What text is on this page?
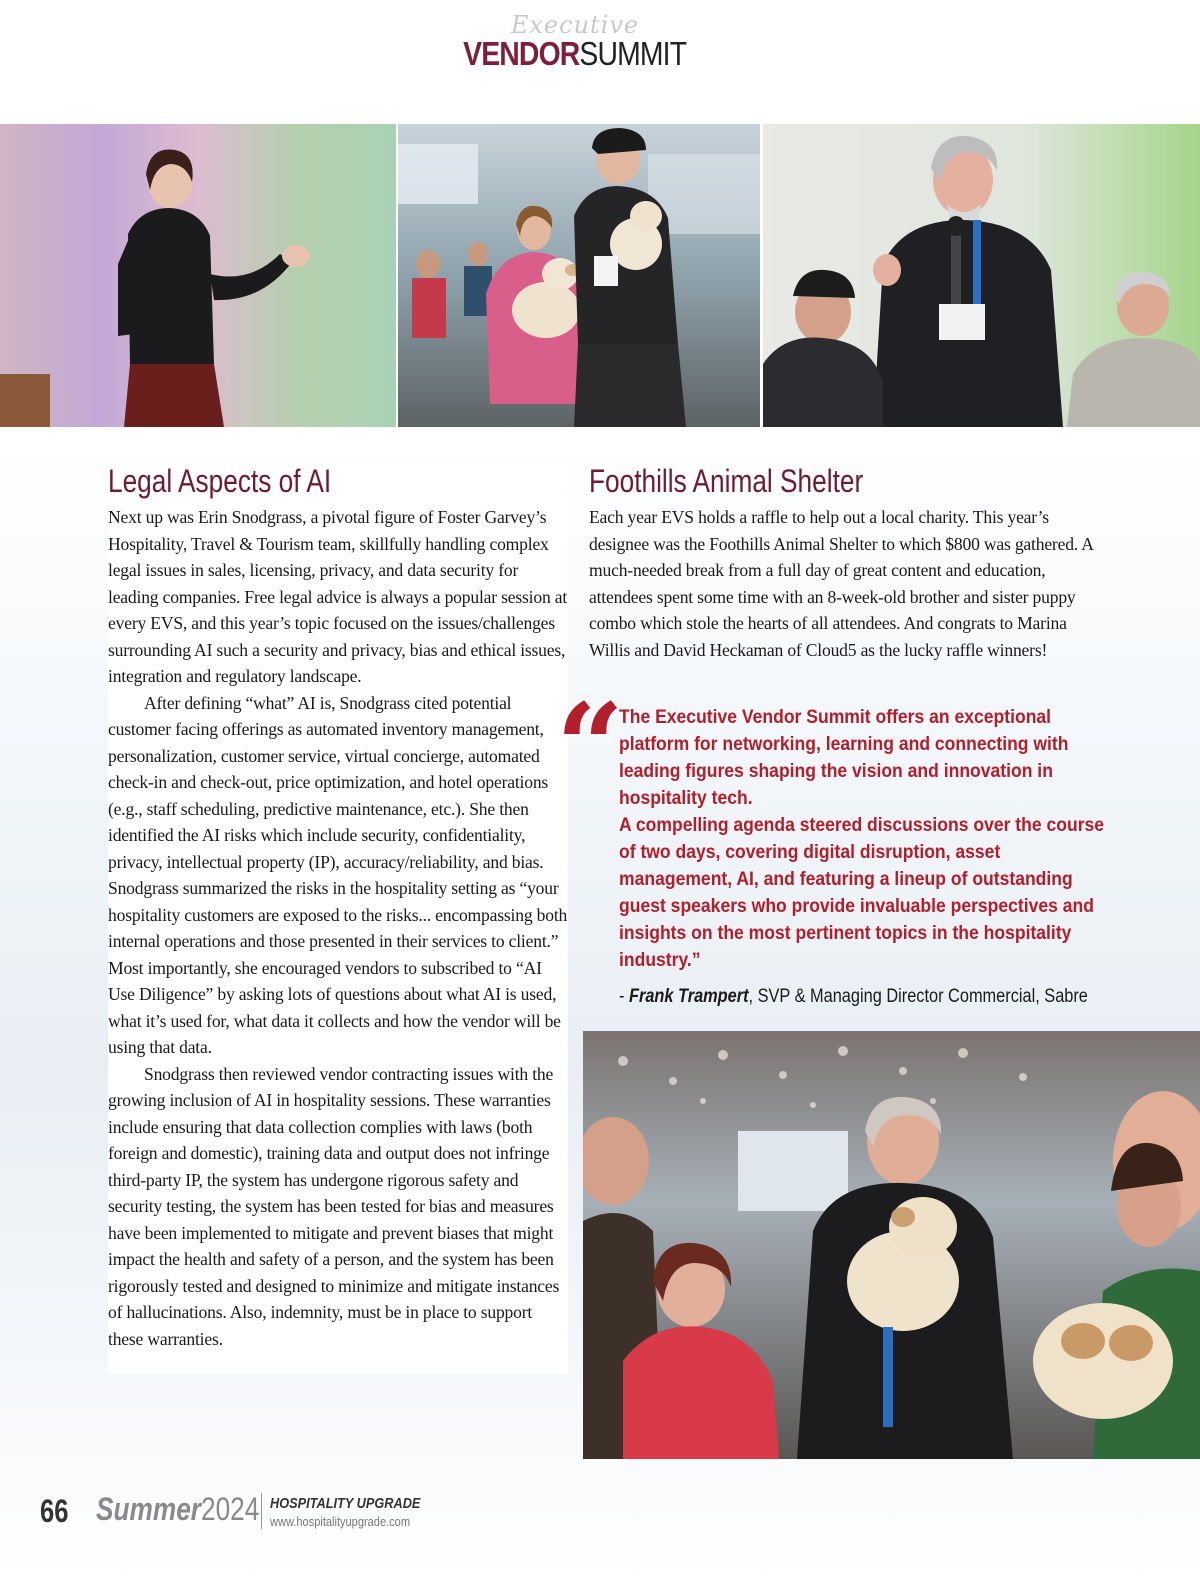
Executive
VENDORSUMMIT
Legal Aspects of AI

Next up was Erin Snodgrass, a pivotal figure of Foster Garvey’s Hospitality, Travel & Tourism team, skillfully handling complex legal issues in sales, licensing, privacy, and data security for leading companies. Free legal advice is always a popular session at every EVS, and this year’s topic focused on the issues/challenges surrounding AI such a security and privacy, bias and ethical issues, integration and regulatory landscape.

After defining “what” AI is, Snodgrass cited potential customer facing offerings as automated inventory management, personalization, customer service, virtual concierge, automated check-in and check-out, price optimization, and hotel operations (e.g., staff scheduling, predictive maintenance, etc.). She then identified the AI risks which include security, confidentiality, privacy, intellectual property (IP), accuracy/reliability, and bias. Snodgrass summarized the risks in the hospitality setting as “your hospitality customers are exposed to the risks... encompassing both internal operations and those presented in their services to client.” Most importantly, she encouraged vendors to subscribed to “AI Use Diligence” by asking lots of questions about what AI is used, what it’s used for, what data it collects and how the vendor will be using that data.

Snodgrass then reviewed vendor contracting issues with the growing inclusion of AI in hospitality sessions. These warranties include ensuring that data collection complies with laws (both foreign and domestic), training data and output does not infringe third-party IP, the system has undergone rigorous safety and security testing, the system has been tested for bias and measures have been implemented to mitigate and prevent biases that might impact the health and safety of a person, and the system has been rigorously tested and designed to minimize and mitigate instances of hallucinations. Also, indemnity, must be in place to support these warranties.

Foothills Animal Shelter

Each year EVS holds a raffle to help out a local charity. This year’s designee was the Foothills Animal Shelter to which $800 was gathered. A much-needed break from a full day of great content and education, attendees spent some time with an 8-week-old brother and sister puppy combo which stole the hearts of all attendees. And congrats to Marina Willis and David Heckaman of Cloud5 as the lucky raffle winners!

“

The Executive Vendor Summit offers an exceptional platform for networking, learning and connecting with leading figures shaping the vision and innovation in hospitality tech.

A compelling agenda steered discussions over the course of two days, covering digital disruption, asset management, AI, and featuring a lineup of outstanding guest speakers who provide invaluable perspectives and insights on the most pertinent topics in the hospitality industry.”

- Frank Trampert, SVP & Managing Director Commercial, Sabre
66 Summer2024 HOSPITALITY UPGRADE
www.hospitalityupgrade.com
